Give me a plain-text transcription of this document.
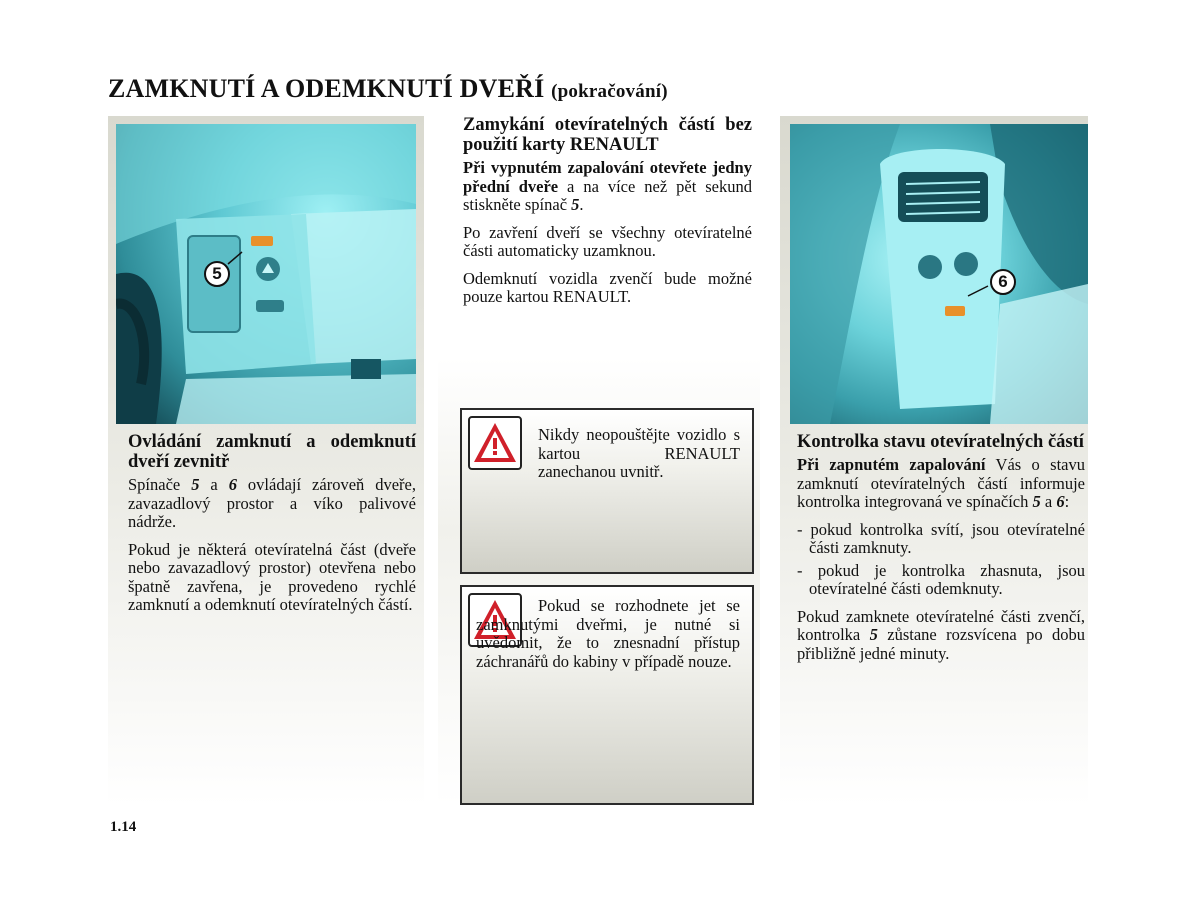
ZAMKNUTÍ A ODEMKNUTÍ DVEŘÍ (pokračování)
5	6
Ovládání zamknutí a odemknutí dveří zevnitř

Spínače 5 a 6 ovládají zároveň dveře, zavazadlový prostor a víko palivové nádrže.

Pokud je některá otevíratelná část (dveře nebo zavazadlový prostor) otevřena nebo špatně zavřena, je provedeno rychlé zamknutí a odemknutí otevíratelných částí.

Zamykání otevíratelných částí bez použití karty RENAULT

Při vypnutém zapalování otevřete jedny přední dveře a na více než pět sekund stiskněte spínač 5.

Po zavření dveří se všechny otevíratelné části automaticky uzamknou.

Odemknutí vozidla zvenčí bude možné pouze kartou RENAULT.

Nikdy neopouštějte vozidlo s kartou RENAULT zanechanou uvnitř.
Pokud se rozhodnete jet se zamknutými dveřmi, je nutné si uvědomit, že to znesnadní přístup záchranářů do kabiny v případě nouze.
Kontrolka stavu otevíratelných částí

Při zapnutém zapalování Vás o stavu zamknutí otevíratelných částí informuje kontrolka integrovaná ve spínačích 5 a 6:

- pokud kontrolka svítí, jsou otevíratelné části zamknuty.

- pokud je kontrolka zhasnuta, jsou otevíratelné části odemknuty.

Pokud zamknete otevíratelné části zvenčí, kontrolka 5 zůstane rozsvícena po dobu přibližně jedné minuty.

1.14
